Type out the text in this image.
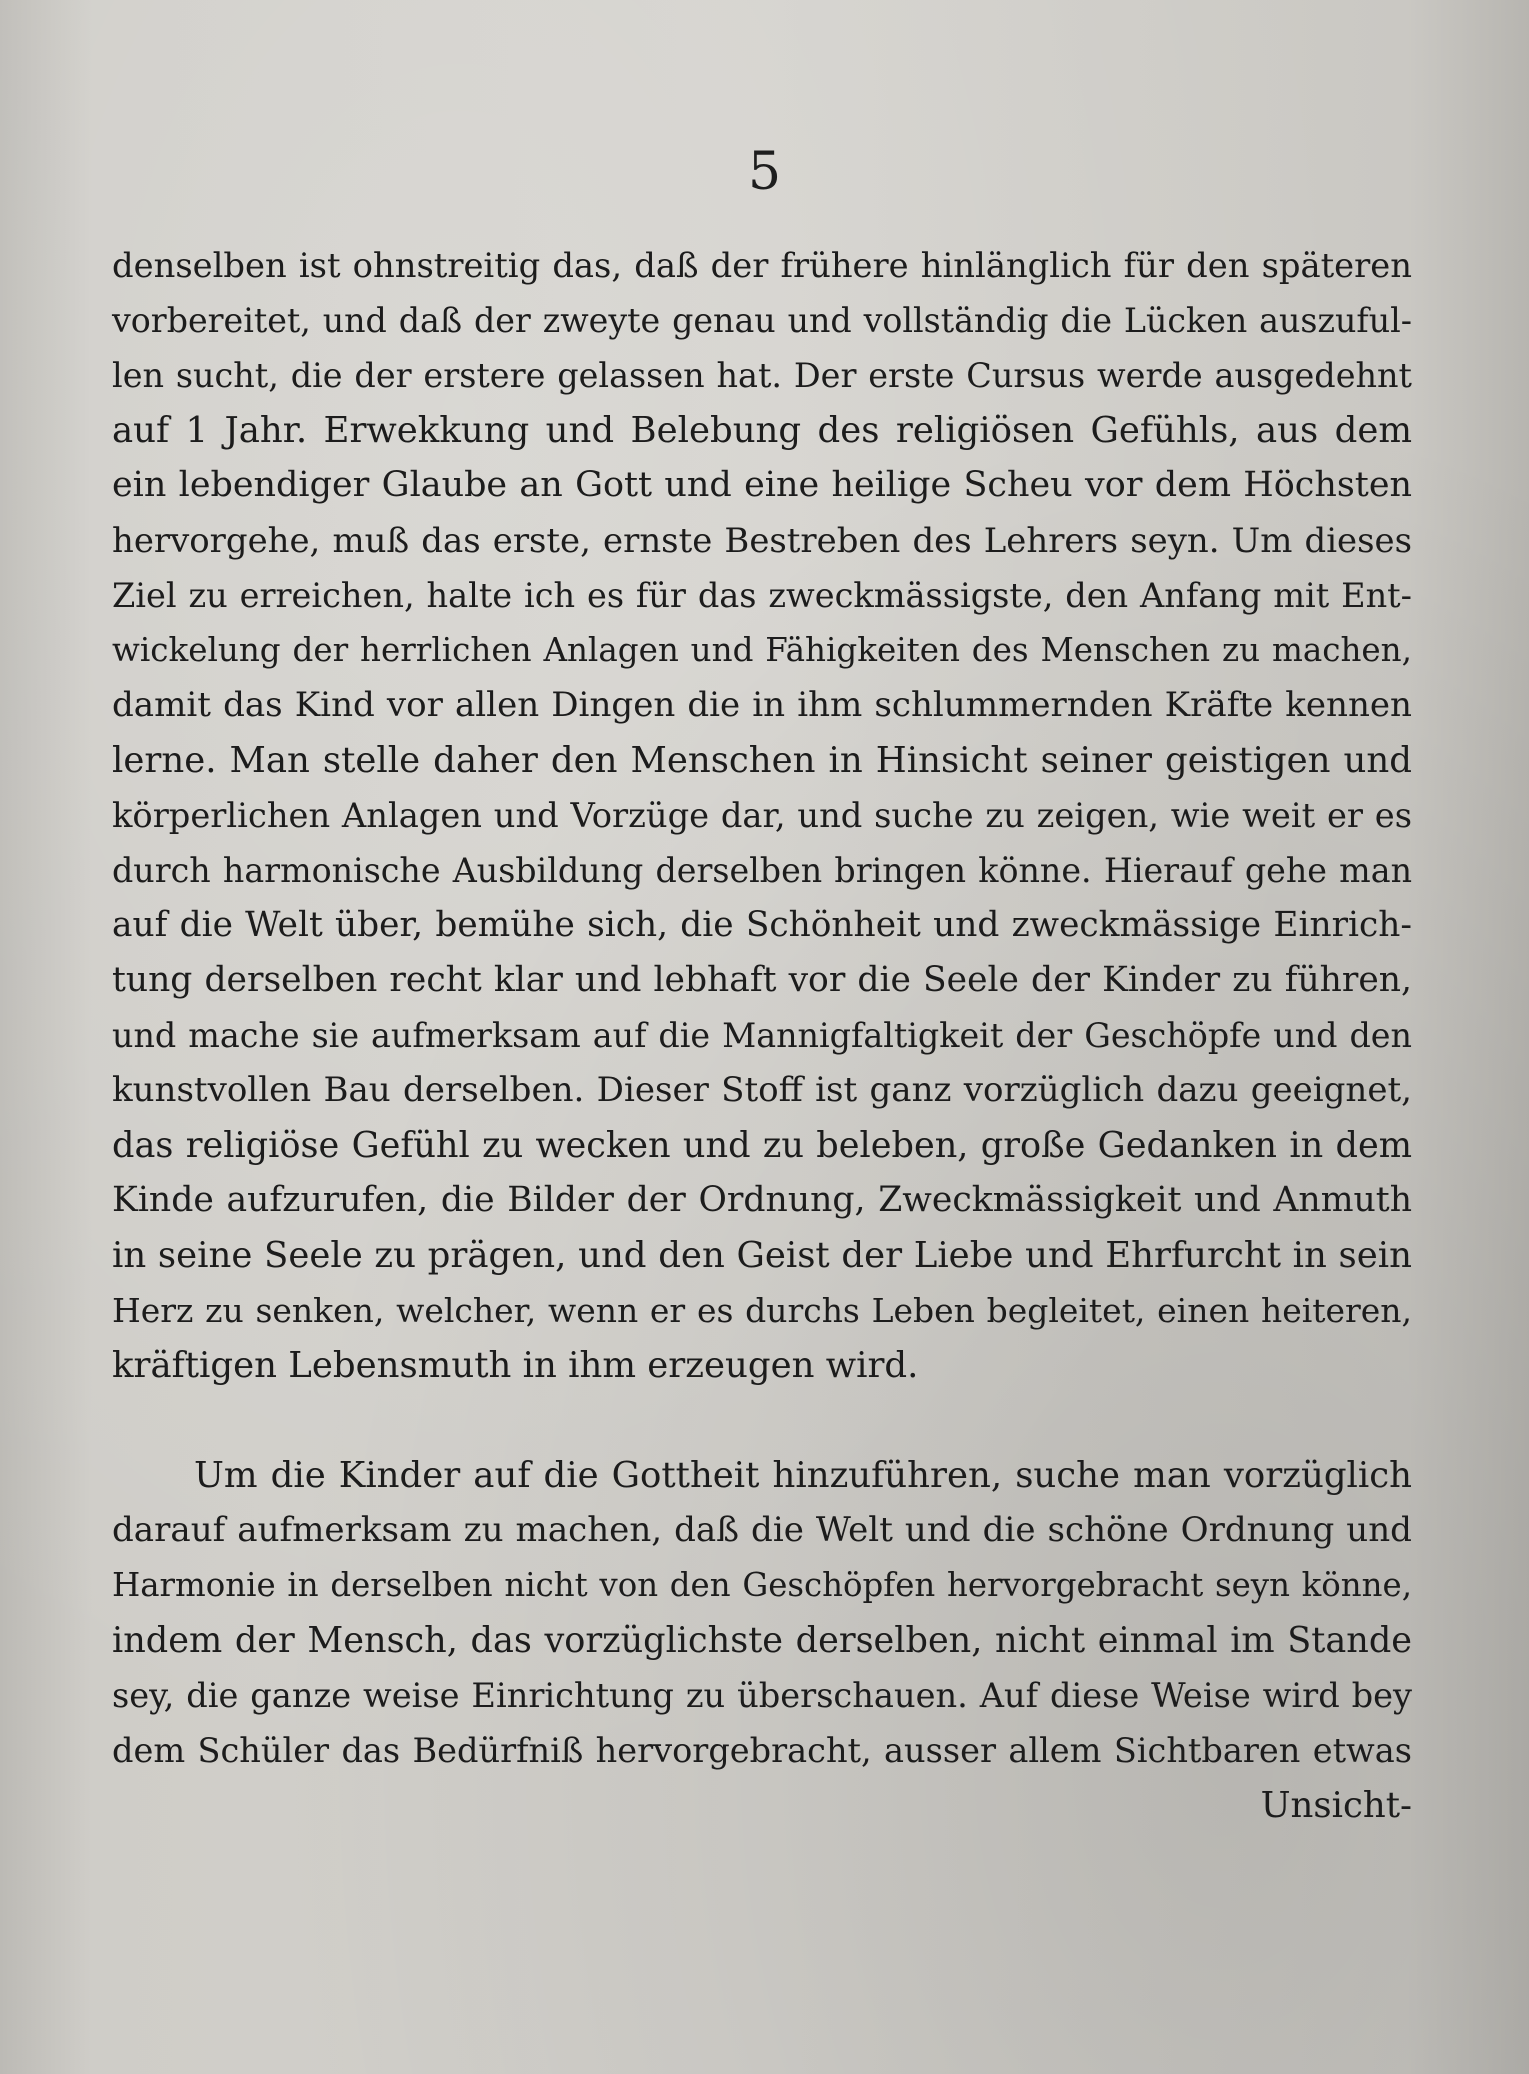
5

denselben ist ohnstreitig das, daß der frühere hinlänglich für den späteren
vorbereitet, und daß der zweyte genau und vollständig die Lücken auszuful-
len sucht, die der erstere gelassen hat. Der erste Cursus werde ausgedehnt
auf 1 Jahr. Erwekkung und Belebung des religiösen Gefühls, aus dem
ein lebendiger Glaube an Gott und eine heilige Scheu vor dem Höchsten
hervorgehe, muß das erste, ernste Bestreben des Lehrers seyn. Um dieses
Ziel zu erreichen, halte ich es für das zweckmässigste, den Anfang mit Ent-
wickelung der herrlichen Anlagen und Fähigkeiten des Menschen zu machen,
damit das Kind vor allen Dingen die in ihm schlummernden Kräfte kennen
lerne. Man stelle daher den Menschen in Hinsicht seiner geistigen und
körperlichen Anlagen und Vorzüge dar, und suche zu zeigen, wie weit er es
durch harmonische Ausbildung derselben bringen könne. Hierauf gehe man
auf die Welt über, bemühe sich, die Schönheit und zweckmässige Einrich-
tung derselben recht klar und lebhaft vor die Seele der Kinder zu führen,
und mache sie aufmerksam auf die Mannigfaltigkeit der Geschöpfe und den
kunstvollen Bau derselben. Dieser Stoff ist ganz vorzüglich dazu geeignet,
das religiöse Gefühl zu wecken und zu beleben, große Gedanken in dem
Kinde aufzurufen, die Bilder der Ordnung, Zweckmässigkeit und Anmuth
in seine Seele zu prägen, und den Geist der Liebe und Ehrfurcht in sein
Herz zu senken, welcher, wenn er es durchs Leben begleitet, einen heiteren,
kräftigen Lebensmuth in ihm erzeugen wird.
Um die Kinder auf die Gottheit hinzuführen, suche man vorzüglich
darauf aufmerksam zu machen, daß die Welt und die schöne Ordnung und
Harmonie in derselben nicht von den Geschöpfen hervorgebracht seyn könne,
indem der Mensch, das vorzüglichste derselben, nicht einmal im Stande
sey, die ganze weise Einrichtung zu überschauen. Auf diese Weise wird bey
dem Schüler das Bedürfniß hervorgebracht, ausser allem Sichtbaren etwas
Unsicht-
